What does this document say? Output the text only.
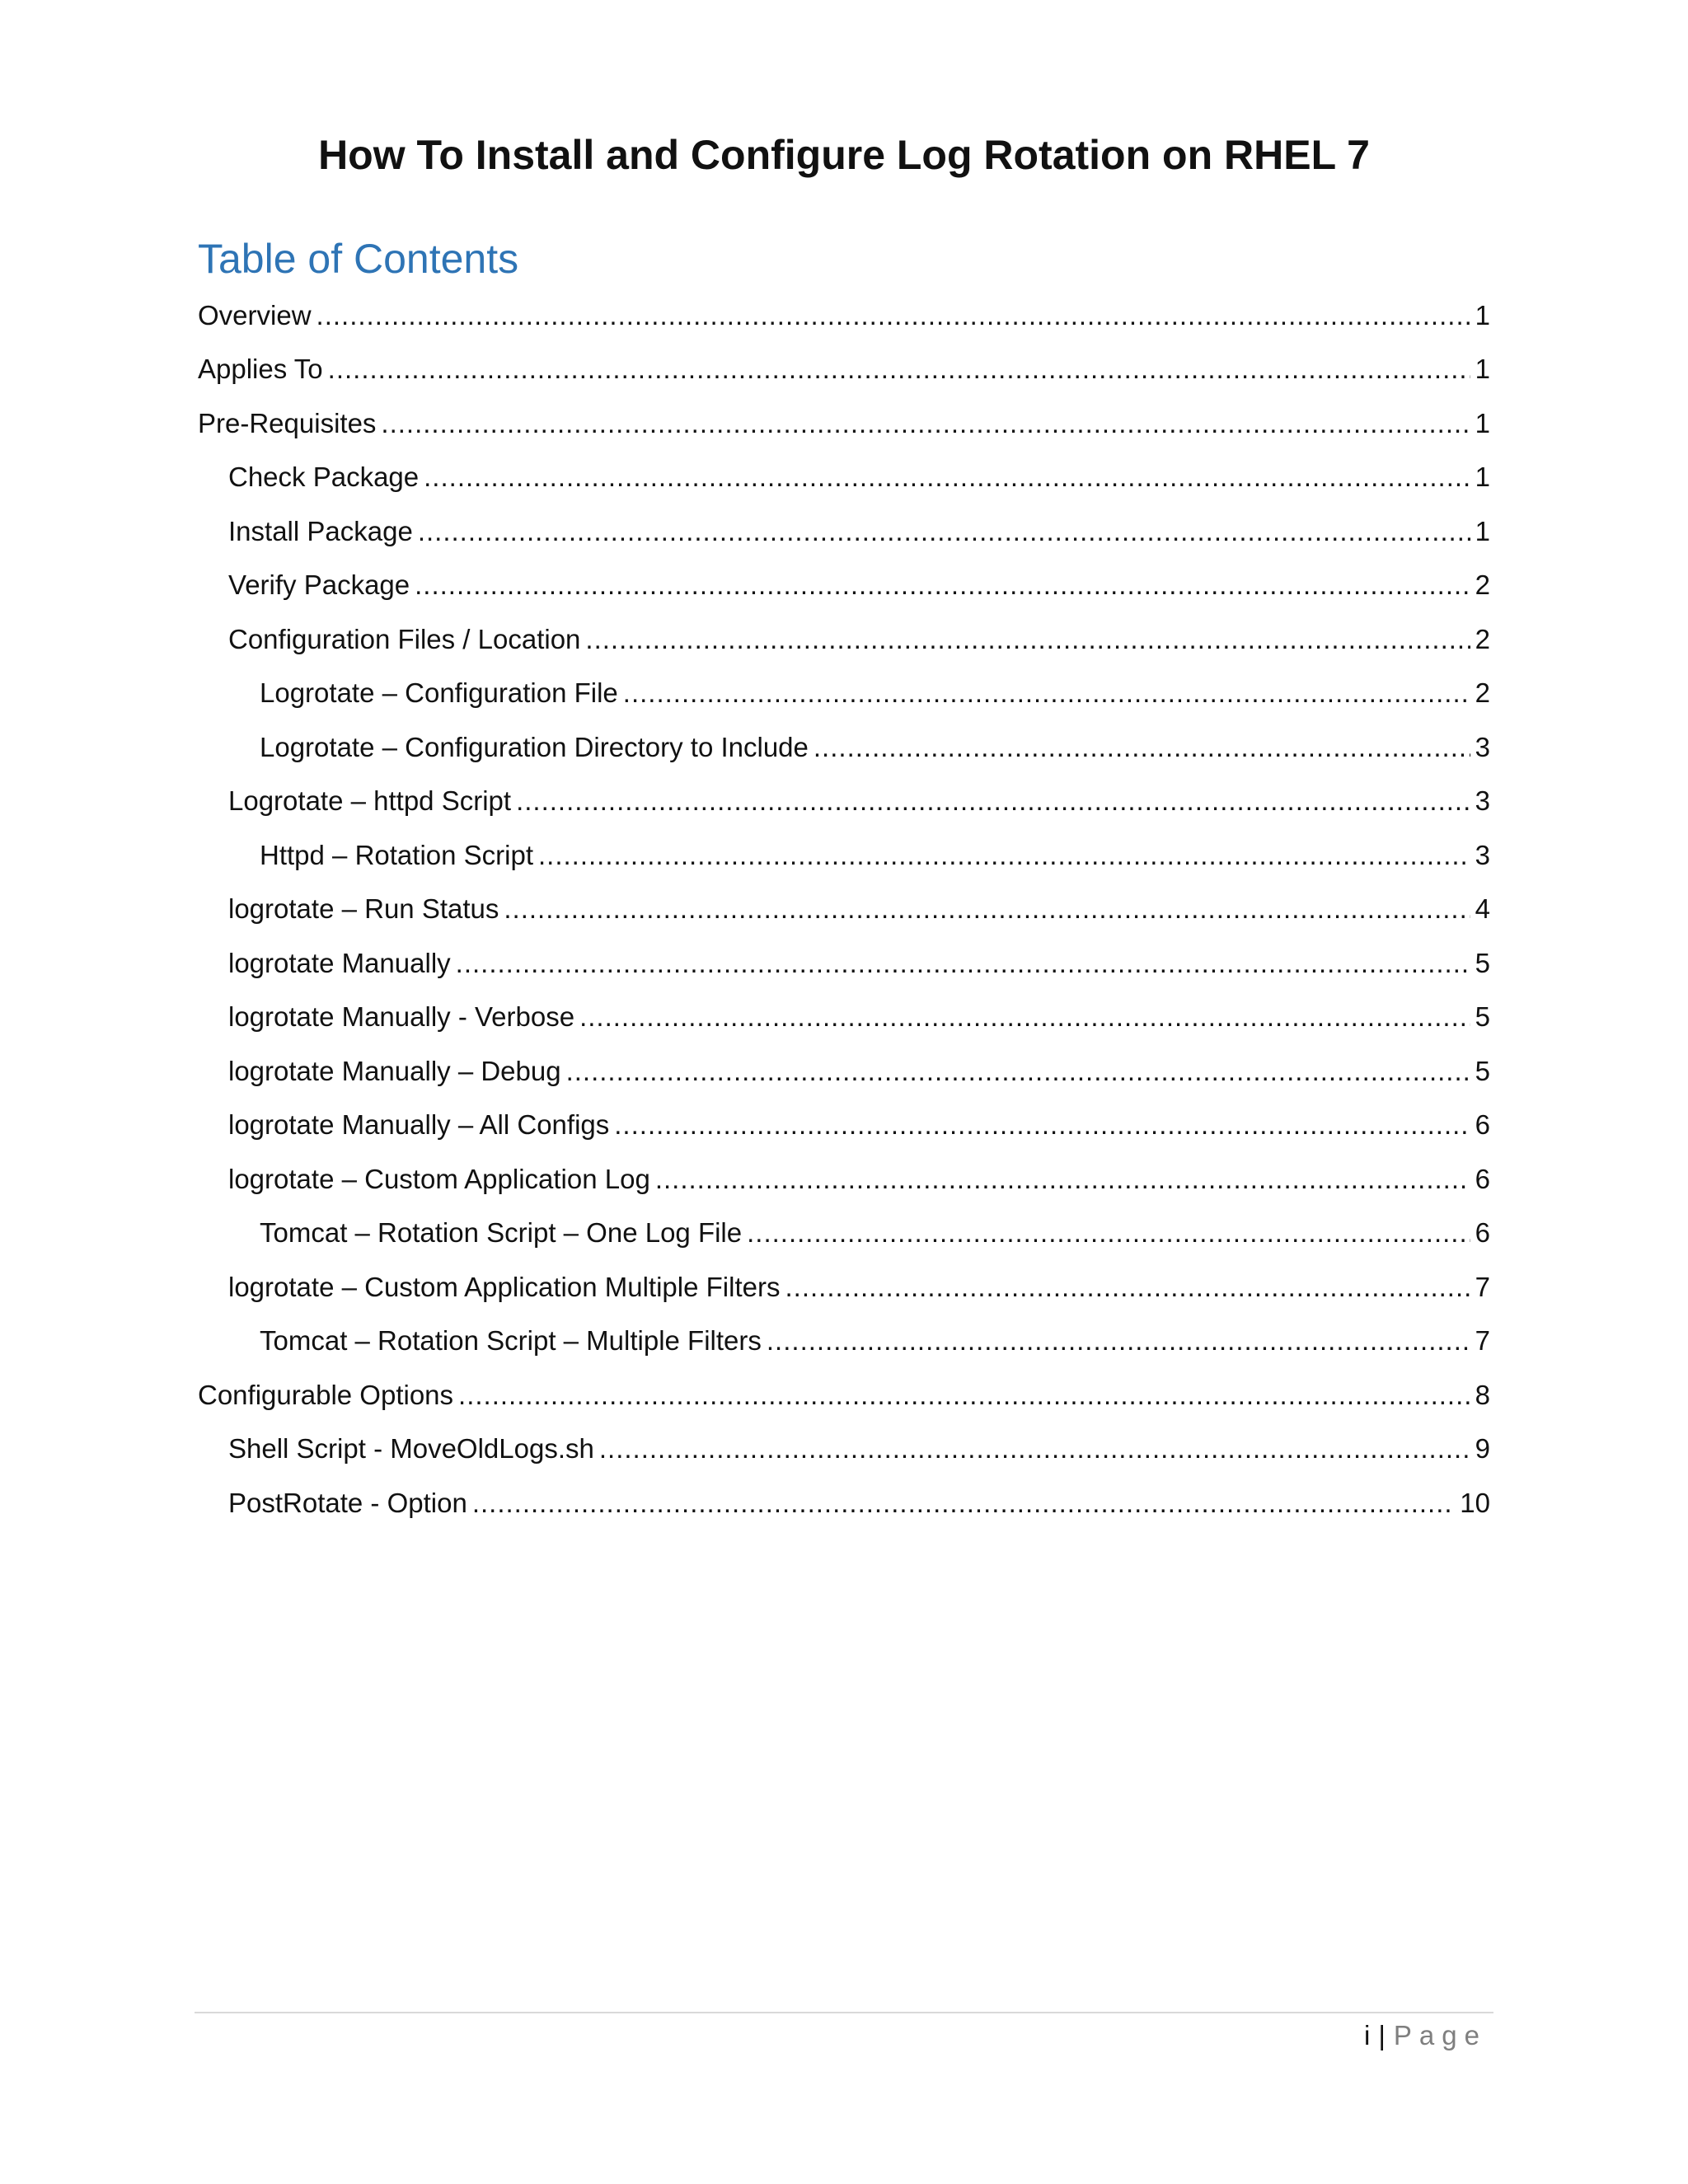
How To Install and Configure Log Rotation on RHEL 7
Table of Contents
Overview .....	1
Applies To .....	1
Pre-Requisites .....	1
Check Package .....	1
Install Package .....	1
Verify Package .....	2
Configuration Files / Location .....	2
Logrotate – Configuration File .....	2
Logrotate – Configuration Directory to Include .....	3
Logrotate – httpd Script .....	3
Httpd – Rotation Script .....	3
logrotate – Run Status .....	4
logrotate Manually .....	5
logrotate Manually - Verbose .....	5
logrotate Manually – Debug .....	5
logrotate Manually – All Configs .....	6
logrotate – Custom Application Log .....	6
Tomcat – Rotation Script – One Log File .....	6
logrotate – Custom Application Multiple Filters .....	7
Tomcat – Rotation Script – Multiple Filters .....	7
Configurable Options .....	8
Shell Script - MoveOldLogs.sh .....	9
PostRotate - Option .....	10
i | Page
